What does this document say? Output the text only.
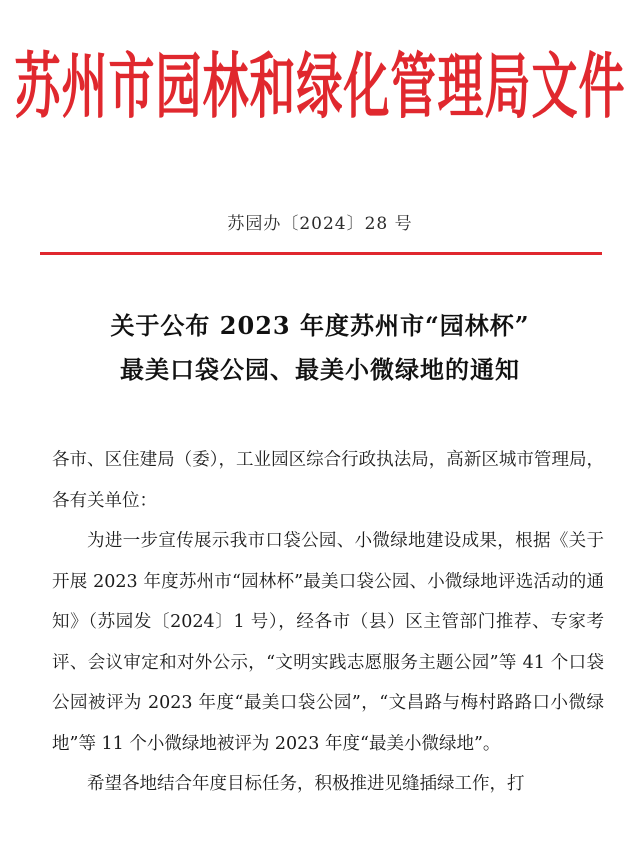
苏州市园林和绿化管理局文件
苏园办〔2024〕28 号
关于公布 2023 年度苏州市“园林杯”
最美口袋公园、最美小微绿地的通知

各市、区住建局（委），工业园区综合行政执法局，高新区城市管理局，各有关单位：

为进一步宣传展示我市口袋公园、小微绿地建设成果，根据《关于开展 2023 年度苏州市“园林杯”最美口袋公园、小微绿地评选活动的通知》（苏园发〔2024〕1 号），经各市（县）区主管部门推荐、专家考评、会议审定和对外公示，“文明实践志愿服务主题公园”等 41 个口袋公园被评为 2023 年度“最美口袋公园”，“文昌路与梅村路路口小微绿地”等 11 个小微绿地被评为 2023 年度“最美小微绿地”。

希望各地结合年度目标任务，积极推进见缝插绿工作，打
